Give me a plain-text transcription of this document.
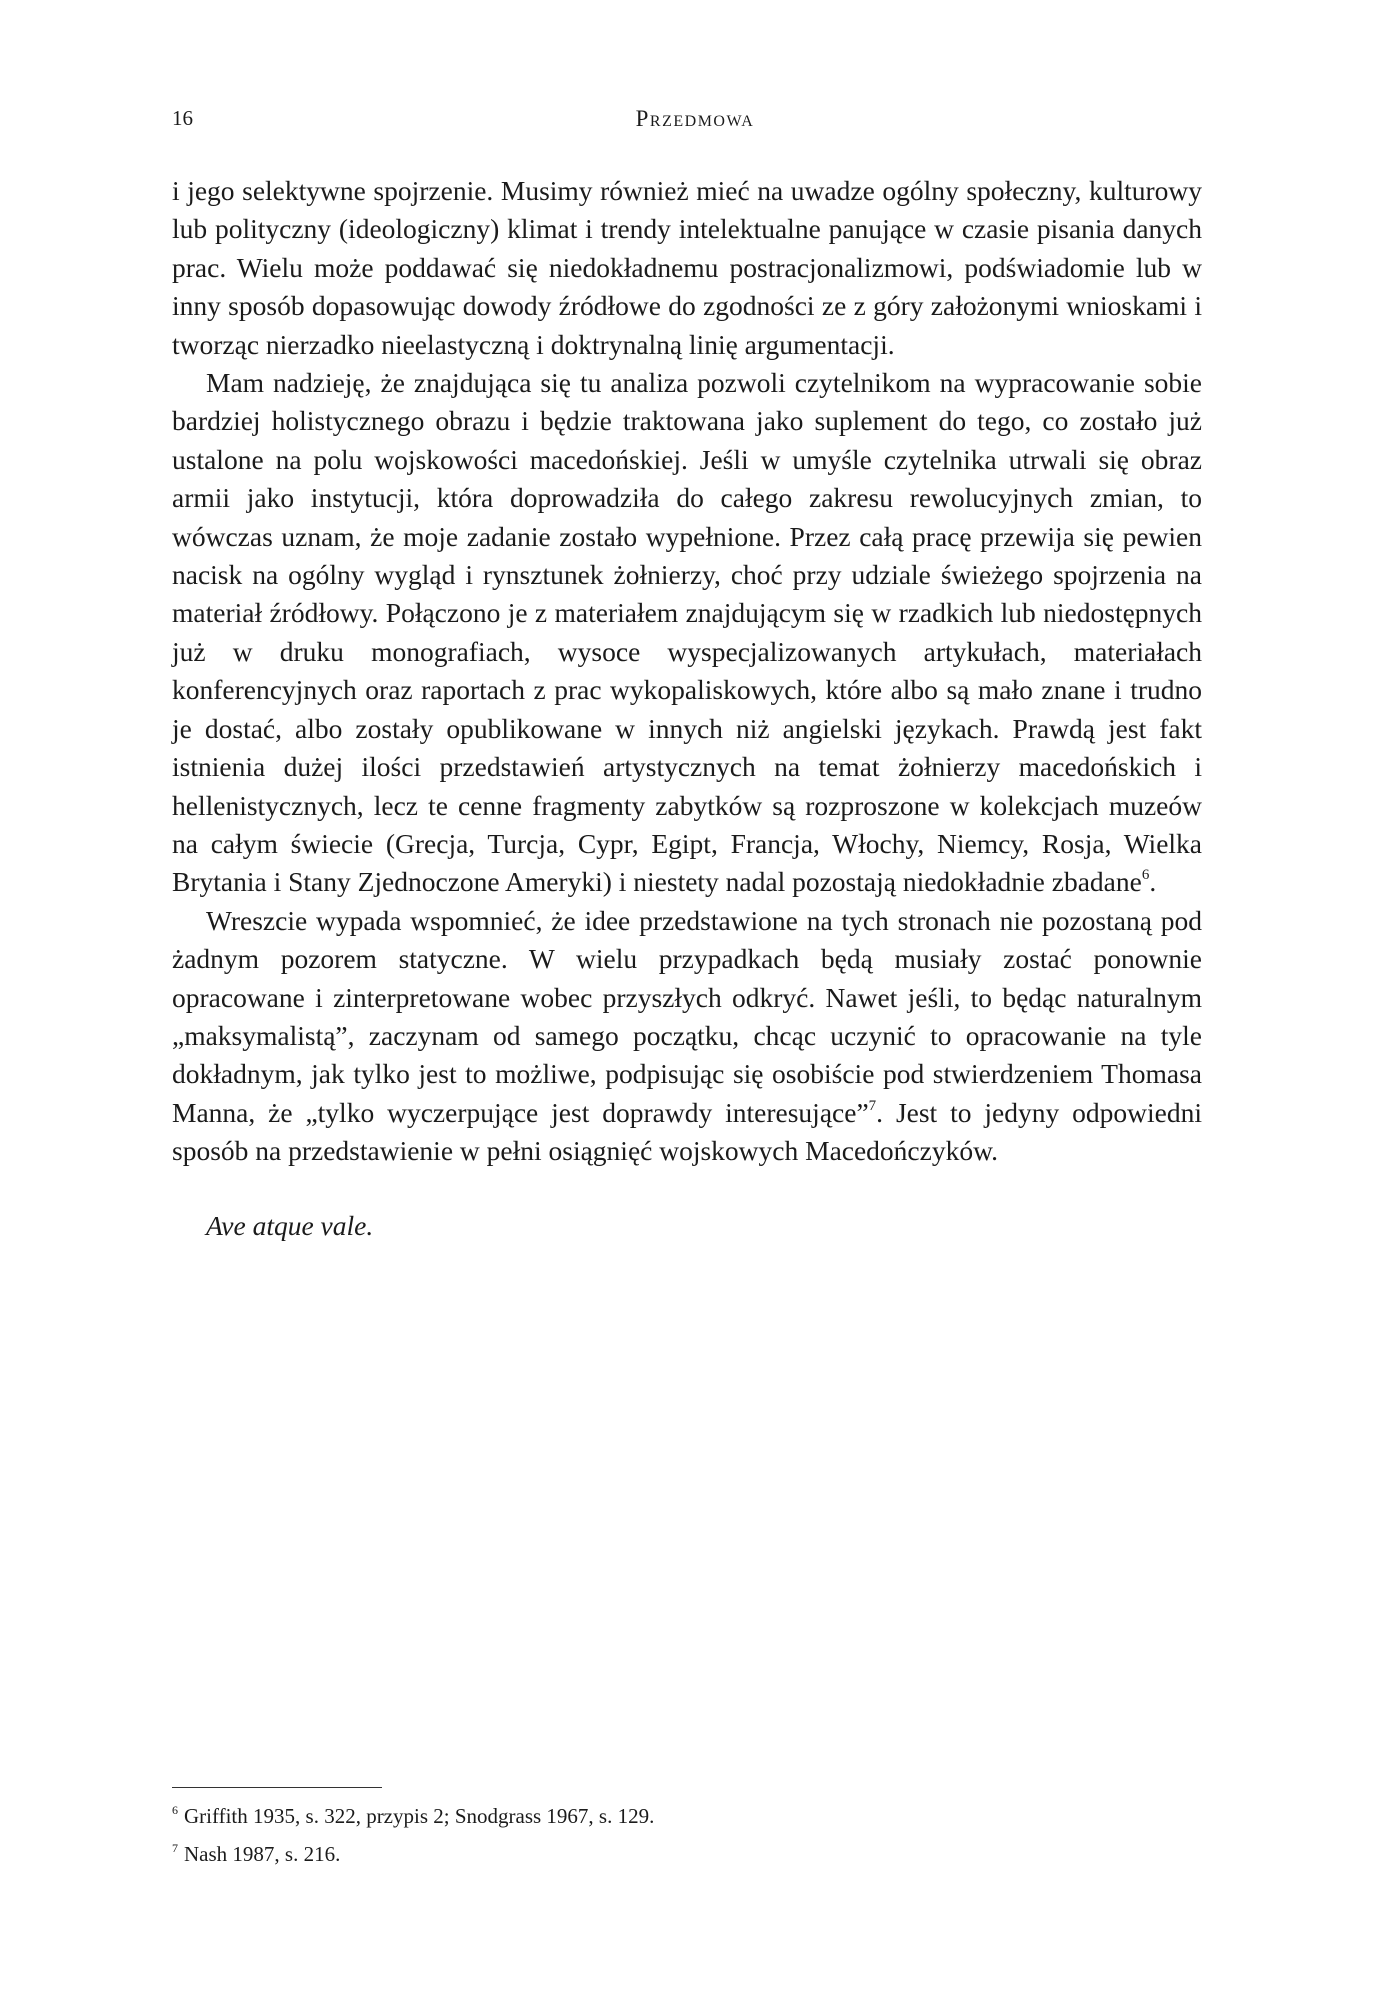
16	Przedmowa

i jego selektywne spojrzenie. Musimy również mieć na uwadze ogólny społeczny, kulturowy lub polityczny (ideologiczny) klimat i trendy intelektualne panujące w czasie pisania danych prac. Wielu może poddawać się niedokładnemu postracjonalizmowi, podświadomie lub w inny sposób dopasowując dowody źródłowe do zgodności ze z góry założonymi wnioskami i tworząc nierzadko nieelastyczną i doktrynalną linię argumentacji.

Mam nadzieję, że znajdująca się tu analiza pozwoli czytelnikom na wypracowanie sobie bardziej holistycznego obrazu i będzie traktowana jako suplement do tego, co zostało już ustalone na polu wojskowości macedońskiej. Jeśli w umyśle czytelnika utrwali się obraz armii jako instytucji, która doprowadziła do całego zakresu rewolucyjnych zmian, to wówczas uznam, że moje zadanie zostało wypełnione. Przez całą pracę przewija się pewien nacisk na ogólny wygląd i rynsztunek żołnierzy, choć przy udziale świeżego spojrzenia na materiał źródłowy. Połączono je z materiałem znajdującym się w rzadkich lub niedostępnych już w druku monografiach, wysoce wyspecjalizowanych artykułach, materiałach konferencyjnych oraz raportach z prac wykopaliskowych, które albo są mało znane i trudno je dostać, albo zostały opublikowane w innych niż angielski językach. Prawdą jest fakt istnienia dużej ilości przedstawień artystycznych na temat żołnierzy macedońskich i hellenistycznych, lecz te cenne fragmenty zabytków są rozproszone w kolekcjach muzeów na całym świecie (Grecja, Turcja, Cypr, Egipt, Francja, Włochy, Niemcy, Rosja, Wielka Brytania i Stany Zjednoczone Ameryki) i niestety nadal pozostają niedokładnie zbadane$^6$.

Wreszcie wypada wspomnieć, że idee przedstawione na tych stronach nie pozostaną pod żadnym pozorem statyczne. W wielu przypadkach będą musiały zostać ponownie opracowane i zinterpretowane wobec przyszłych odkryć. Nawet jeśli, to będąc naturalnym „maksymalistą”, zaczynam od samego początku, chcąc uczynić to opracowanie na tyle dokładnym, jak tylko jest to możliwe, podpisując się osobiście pod stwierdzeniem Thomasa Manna, że „tylko wyczerpujące jest doprawdy interesujące”$^7$. Jest to jedyny odpowiedni sposób na przedstawienie w pełni osiągnięć wojskowych Macedończyków.

Ave atque vale.

$^6$ Griffith 1935, s. 322, przypis 2; Snodgrass 1967, s. 129.

$^7$ Nash 1987, s. 216.
